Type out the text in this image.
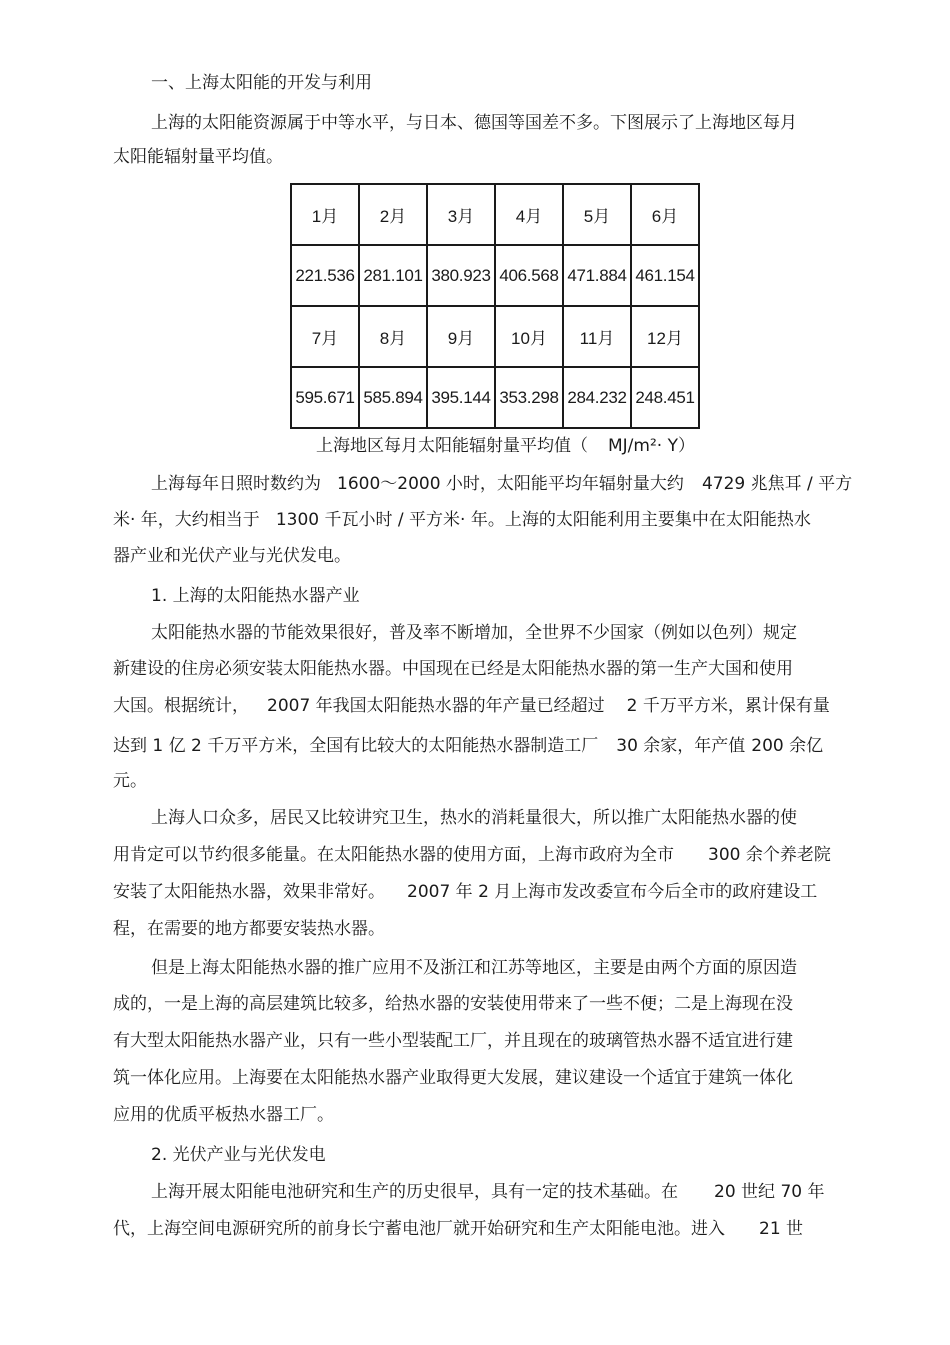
一、上海太阳能的开发与利用
上海的太阳能资源属于中等水平，与日本、德国等国差不多。下图展示了上海地区每月
太阳能辐射量平均值。
1月	2月	3月	4月	5月	6月
221.536	281.101	380.923	406.568	471.884	461.154
7月	8月	9月	10月	11月	12月
595.671	585.894	395.144	353.298	284.232	248.451
上海地区每月太阳能辐射量平均值（ MJ/m²· Y）
上海每年日照时数约为 1600～2000 小时，太阳能平均年辐射量大约 4729 兆焦耳 / 平方
米· 年，大约相当于 1300 千瓦小时 / 平方米· 年。上海的太阳能利用主要集中在太阳能热水
器产业和光伏产业与光伏发电。
1. 上海的太阳能热水器产业
太阳能热水器的节能效果很好，普及率不断增加，全世界不少国家（例如以色列）规定
新建设的住房必须安装太阳能热水器。中国现在已经是太阳能热水器的第一生产大国和使用
大国。根据统计， 2007 年我国太阳能热水器的年产量已经超过 2 千万平方米，累计保有量
达到 1 亿 2 千万平方米，全国有比较大的太阳能热水器制造工厂 30 余家，年产值 200 余亿
元。
上海人口众多，居民又比较讲究卫生，热水的消耗量很大，所以推广太阳能热水器的使
用肯定可以节约很多能量。在太阳能热水器的使用方面，上海市政府为全市 300 余个养老院
安装了太阳能热水器，效果非常好。 2007 年 2 月上海市发改委宣布今后全市的政府建设工
程，在需要的地方都要安装热水器。
但是上海太阳能热水器的推广应用不及浙江和江苏等地区，主要是由两个方面的原因造
成的，一是上海的高层建筑比较多，给热水器的安装使用带来了一些不便；二是上海现在没
有大型太阳能热水器产业，只有一些小型装配工厂，并且现在的玻璃管热水器不适宜进行建
筑一体化应用。上海要在太阳能热水器产业取得更大发展，建议建设一个适宜于建筑一体化
应用的优质平板热水器工厂。
2. 光伏产业与光伏发电
上海开展太阳能电池研究和生产的历史很早，具有一定的技术基础。在 20 世纪 70 年
代，上海空间电源研究所的前身长宁蓄电池厂就开始研究和生产太阳能电池。进入 21 世
